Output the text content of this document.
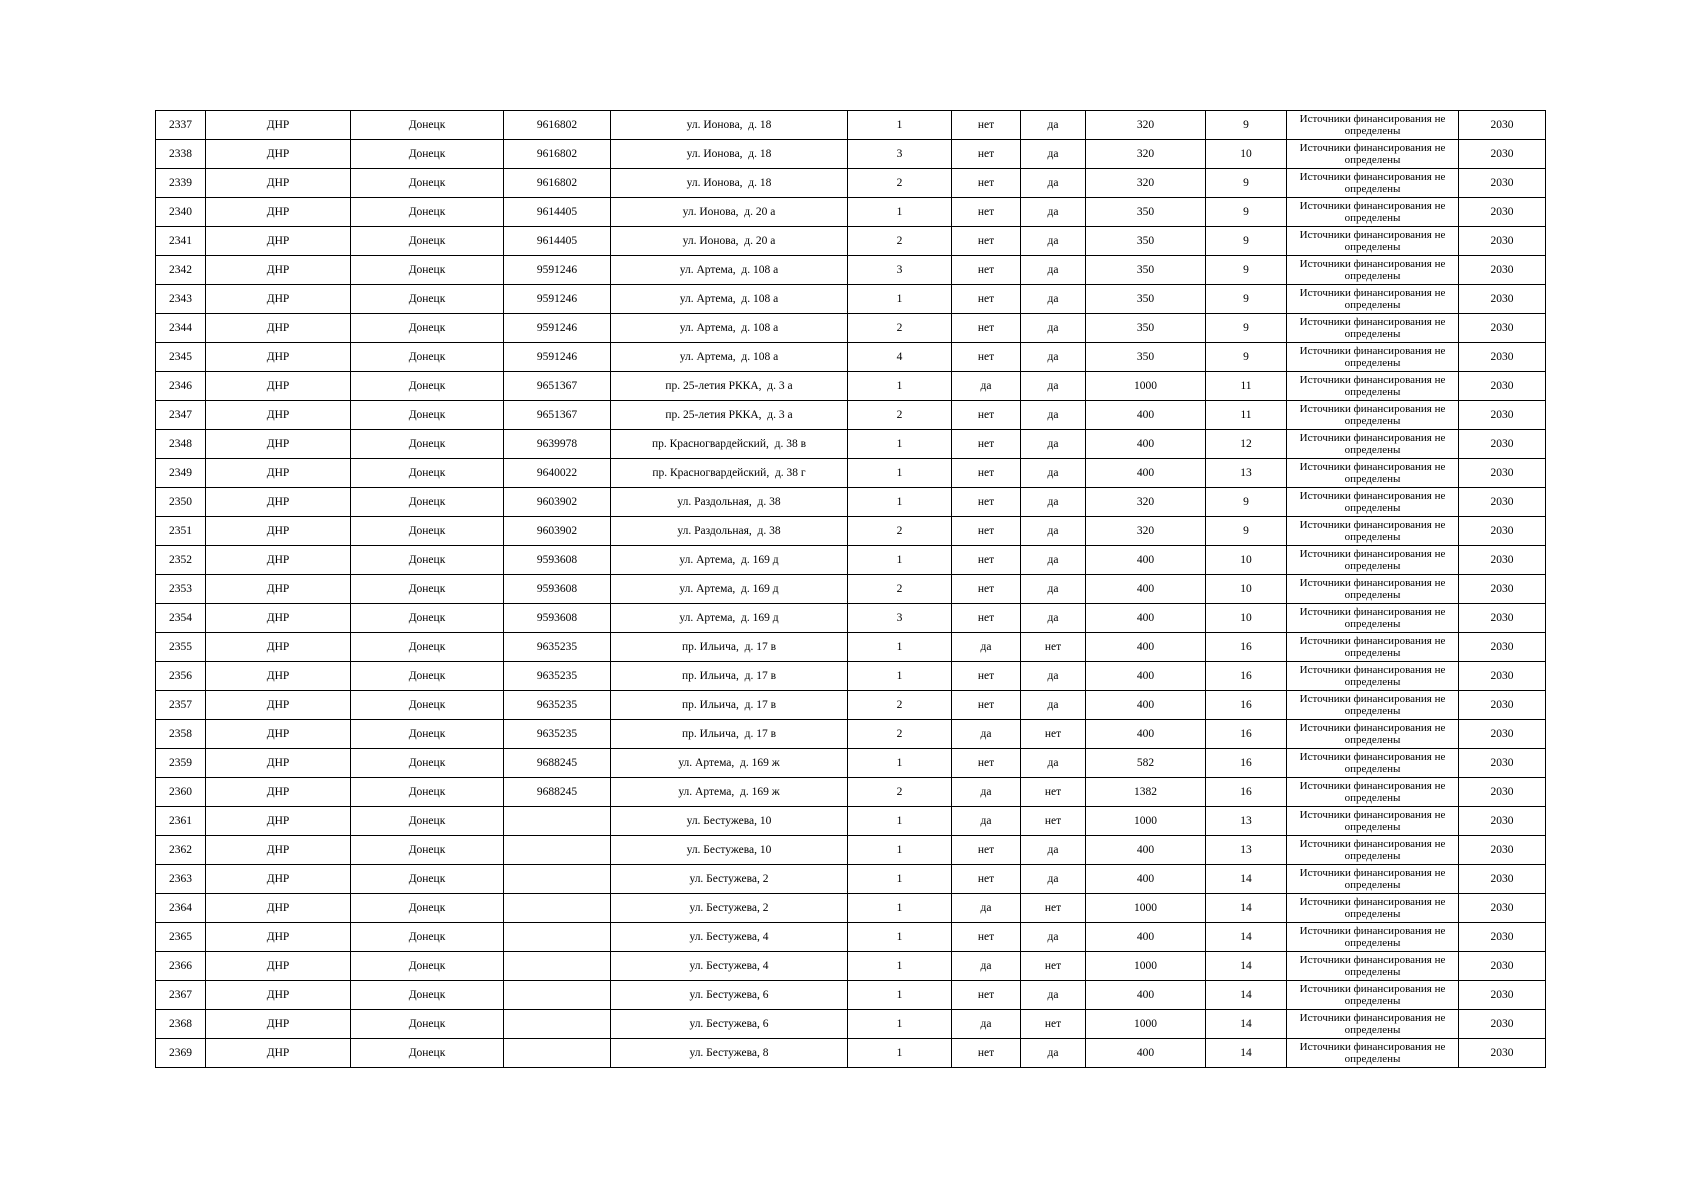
2337	ДНР	Донецк	9616802	ул. Ионова,  д. 18	1	нет	да	320	9	Источники финансирования не определены	2030
2338	ДНР	Донецк	9616802	ул. Ионова,  д. 18	3	нет	да	320	10	Источники финансирования не определены	2030
2339	ДНР	Донецк	9616802	ул. Ионова,  д. 18	2	нет	да	320	9	Источники финансирования не определены	2030
2340	ДНР	Донецк	9614405	ул. Ионова,  д. 20 а	1	нет	да	350	9	Источники финансирования не определены	2030
2341	ДНР	Донецк	9614405	ул. Ионова,  д. 20 а	2	нет	да	350	9	Источники финансирования не определены	2030
2342	ДНР	Донецк	9591246	ул. Артема,  д. 108 а	3	нет	да	350	9	Источники финансирования не определены	2030
2343	ДНР	Донецк	9591246	ул. Артема,  д. 108 а	1	нет	да	350	9	Источники финансирования не определены	2030
2344	ДНР	Донецк	9591246	ул. Артема,  д. 108 а	2	нет	да	350	9	Источники финансирования не определены	2030
2345	ДНР	Донецк	9591246	ул. Артема,  д. 108 а	4	нет	да	350	9	Источники финансирования не определены	2030
2346	ДНР	Донецк	9651367	пр. 25-летия РККА,  д. 3 а	1	да	да	1000	11	Источники финансирования не определены	2030
2347	ДНР	Донецк	9651367	пр. 25-летия РККА,  д. 3 а	2	нет	да	400	11	Источники финансирования не определены	2030
2348	ДНР	Донецк	9639978	пр. Красногвардейский,  д. 38 в	1	нет	да	400	12	Источники финансирования не определены	2030
2349	ДНР	Донецк	9640022	пр. Красногвардейский,  д. 38 г	1	нет	да	400	13	Источники финансирования не определены	2030
2350	ДНР	Донецк	9603902	ул. Раздольная,  д. 38	1	нет	да	320	9	Источники финансирования не определены	2030
2351	ДНР	Донецк	9603902	ул. Раздольная,  д. 38	2	нет	да	320	9	Источники финансирования не определены	2030
2352	ДНР	Донецк	9593608	ул. Артема,  д. 169 д	1	нет	да	400	10	Источники финансирования не определены	2030
2353	ДНР	Донецк	9593608	ул. Артема,  д. 169 д	2	нет	да	400	10	Источники финансирования не определены	2030
2354	ДНР	Донецк	9593608	ул. Артема,  д. 169 д	3	нет	да	400	10	Источники финансирования не определены	2030
2355	ДНР	Донецк	9635235	пр. Ильича,  д. 17 в	1	да	нет	400	16	Источники финансирования не определены	2030
2356	ДНР	Донецк	9635235	пр. Ильича,  д. 17 в	1	нет	да	400	16	Источники финансирования не определены	2030
2357	ДНР	Донецк	9635235	пр. Ильича,  д. 17 в	2	нет	да	400	16	Источники финансирования не определены	2030
2358	ДНР	Донецк	9635235	пр. Ильича,  д. 17 в	2	да	нет	400	16	Источники финансирования не определены	2030
2359	ДНР	Донецк	9688245	ул. Артема,  д. 169 ж	1	нет	да	582	16	Источники финансирования не определены	2030
2360	ДНР	Донецк	9688245	ул. Артема,  д. 169 ж	2	да	нет	1382	16	Источники финансирования не определены	2030
2361	ДНР	Донецк		ул. Бестужева, 10	1	да	нет	1000	13	Источники финансирования не определены	2030
2362	ДНР	Донецк		ул. Бестужева, 10	1	нет	да	400	13	Источники финансирования не определены	2030
2363	ДНР	Донецк		ул. Бестужева, 2	1	нет	да	400	14	Источники финансирования не определены	2030
2364	ДНР	Донецк		ул. Бестужева, 2	1	да	нет	1000	14	Источники финансирования не определены	2030
2365	ДНР	Донецк		ул. Бестужева, 4	1	нет	да	400	14	Источники финансирования не определены	2030
2366	ДНР	Донецк		ул. Бестужева, 4	1	да	нет	1000	14	Источники финансирования не определены	2030
2367	ДНР	Донецк		ул. Бестужева, 6	1	нет	да	400	14	Источники финансирования не определены	2030
2368	ДНР	Донецк		ул. Бестужева, 6	1	да	нет	1000	14	Источники финансирования не определены	2030
2369	ДНР	Донецк		ул. Бестужева, 8	1	нет	да	400	14	Источники финансирования не определены	2030
